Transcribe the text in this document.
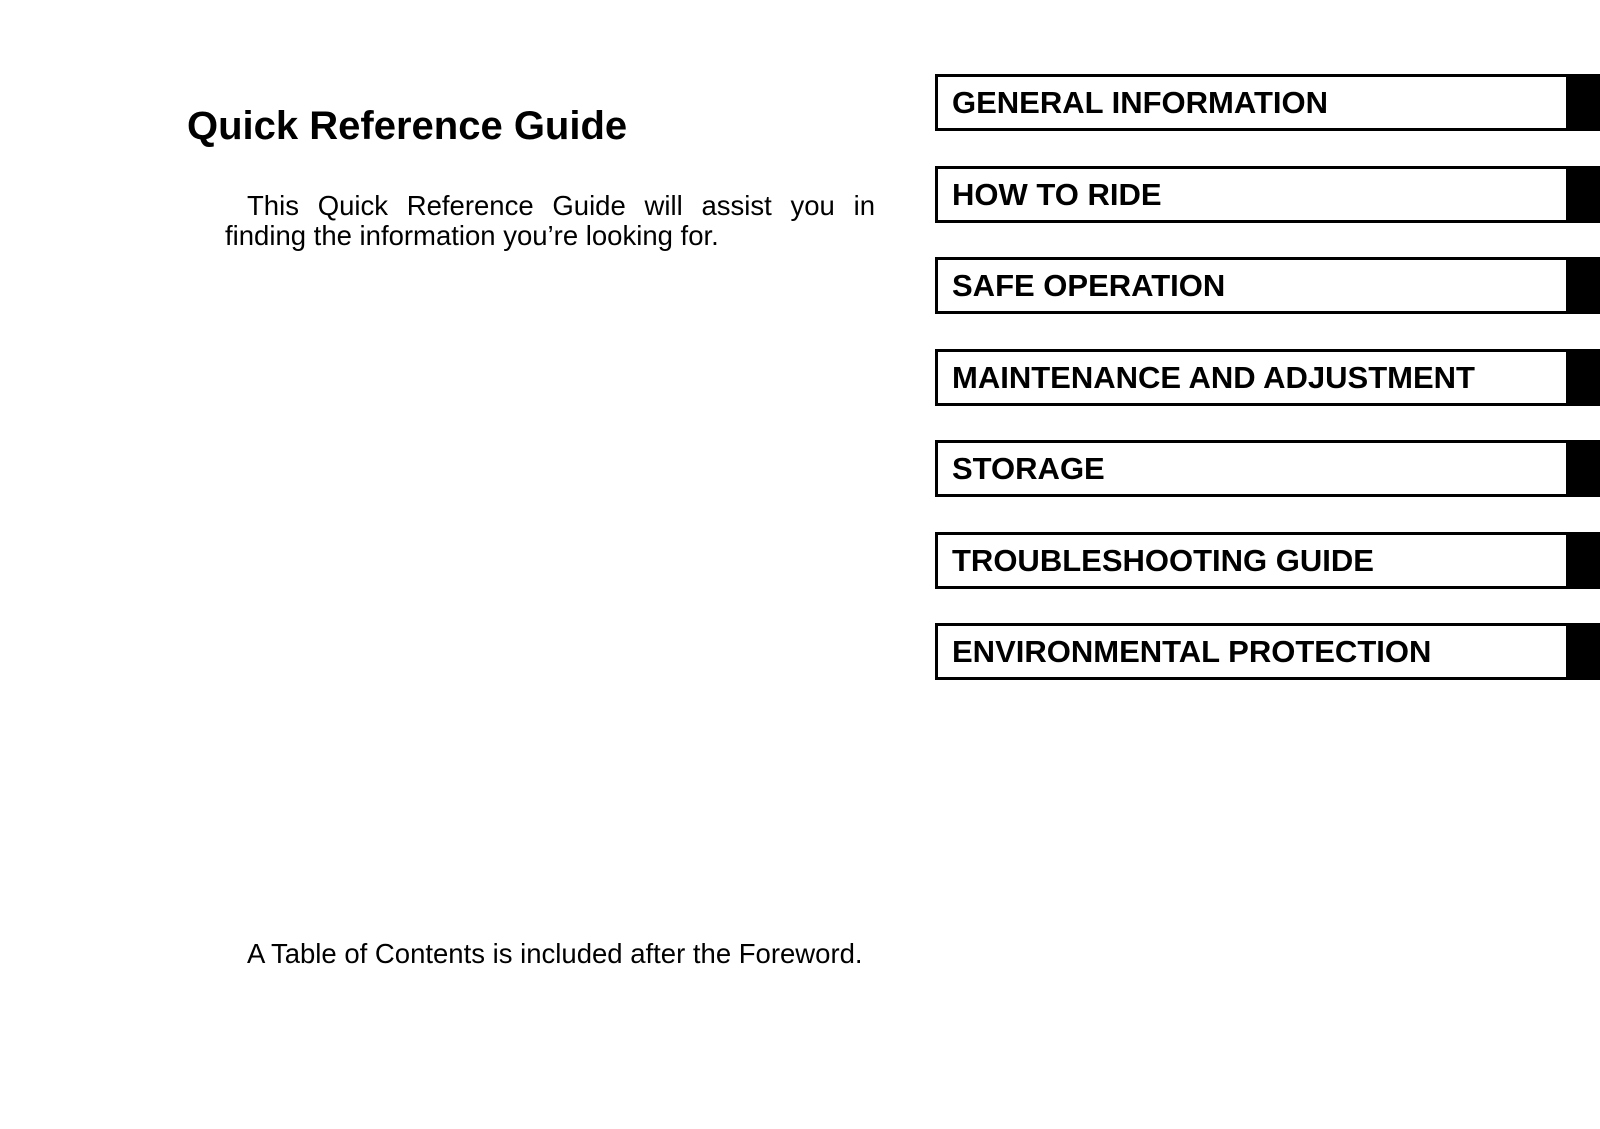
Quick Reference Guide

This Quick Reference Guide will assist you in finding the information you’re looking for.

GENERAL INFORMATION
HOW TO RIDE
SAFE OPERATION
MAINTENANCE AND ADJUSTMENT
STORAGE
TROUBLESHOOTING GUIDE
ENVIRONMENTAL PROTECTION

A Table of Contents is included after the Foreword.
